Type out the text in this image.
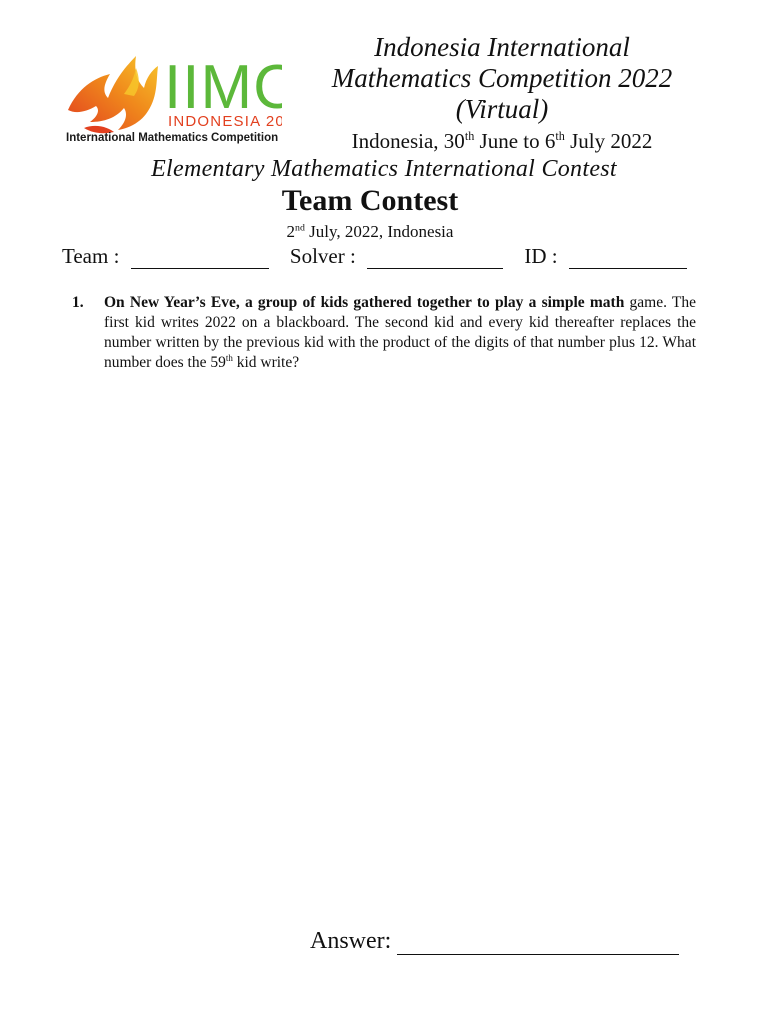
IIMC
INDONESIA 20
International Mathematics Competition
Indonesia International
Mathematics Competition 2022
(Virtual)
Indonesia, 30th June to 6th July 2022
Elementary Mathematics International Contest
Team Contest
2nd July, 2022, Indonesia
Team :	Solver :	ID :
1. On New Year’s Eve, a group of kids gathered together to play a simple math game. The first kid writes 2022 on a blackboard. The second kid and every kid thereafter replaces the number written by the previous kid with the product of the digits of that number plus 12. What number does the 59th kid write?
Answer:
